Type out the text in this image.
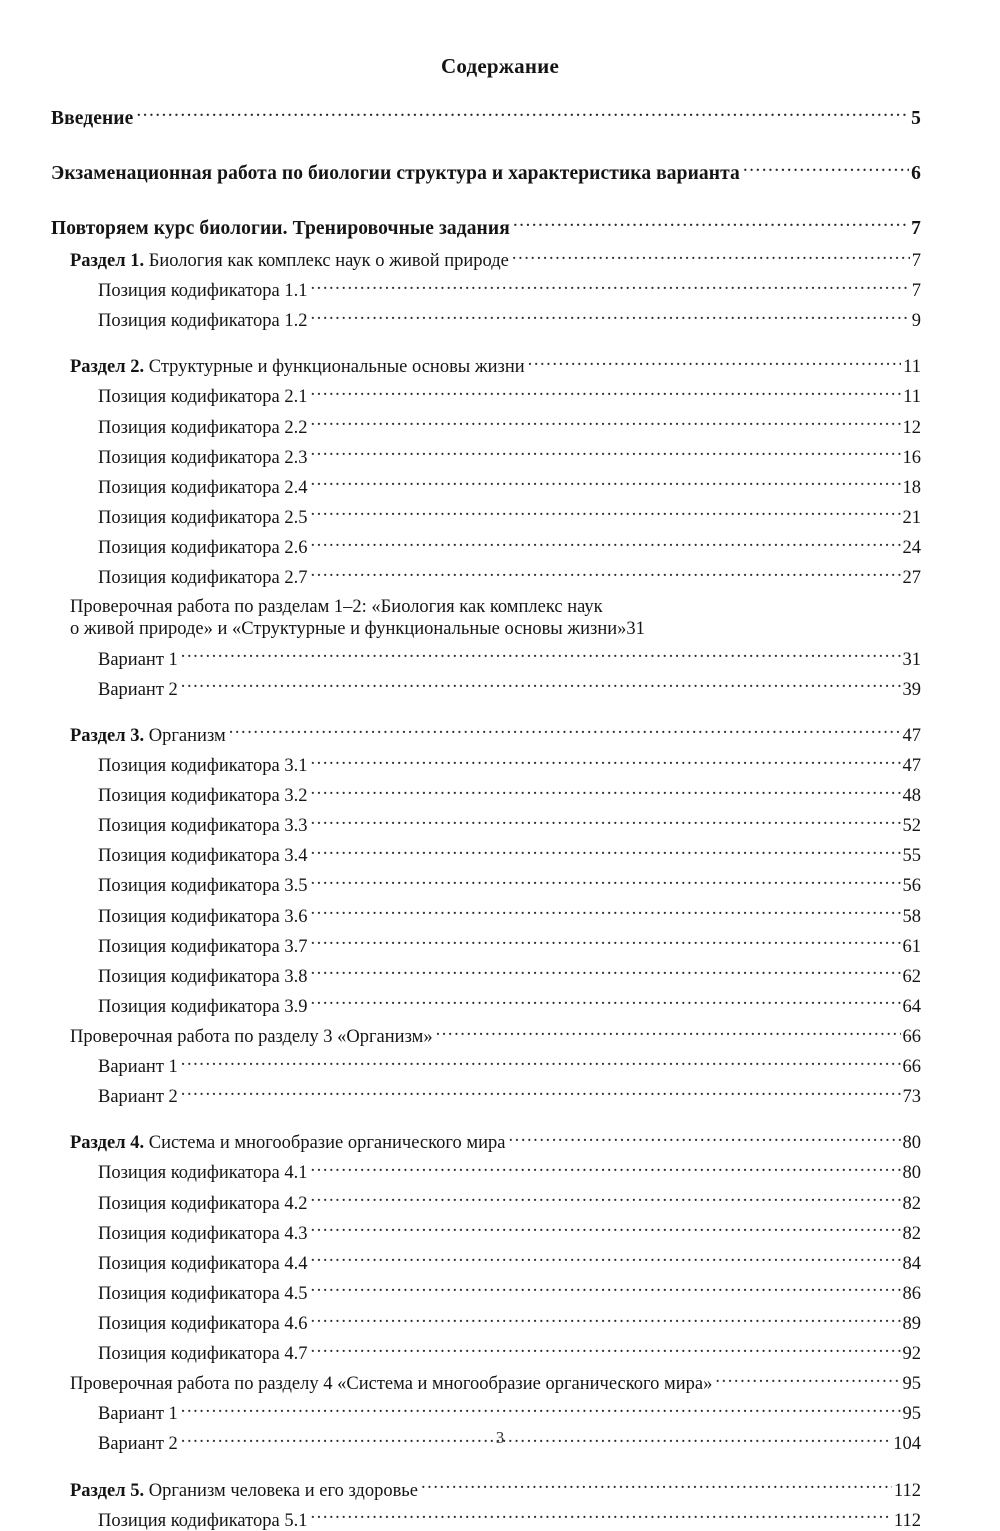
Содержание
Введение .....	5
Экзаменационная работа по биологии структура и характеристика варианта .....	6
Повторяем курс биологии. Тренировочные задания .....	7
Раздел 1. Биология как комплекс наук о живой природе .....	7
Позиция кодификатора 1.1 .....	7
Позиция кодификатора 1.2 .....	9
Раздел 2. Структурные и функциональные основы жизни .....	11
Позиция кодификатора 2.1 .....	11
Позиция кодификатора 2.2 .....	12
Позиция кодификатора 2.3 .....	16
Позиция кодификатора 2.4 .....	18
Позиция кодификатора 2.5 .....	21
Позиция кодификатора 2.6 .....	24
Позиция кодификатора 2.7 .....	27
Проверочная работа по разделам 1–2: «Биология как комплекс наук
о живой природе» и «Структурные и функциональные основы жизни» 31
Вариант 1 .....	31
Вариант 2 .....	39
Раздел 3. Организм .....	47
Позиция кодификатора 3.1 .....	47
Позиция кодификатора 3.2 .....	48
Позиция кодификатора 3.3 .....	52
Позиция кодификатора 3.4 .....	55
Позиция кодификатора 3.5 .....	56
Позиция кодификатора 3.6 .....	58
Позиция кодификатора 3.7 .....	61
Позиция кодификатора 3.8 .....	62
Позиция кодификатора 3.9 .....	64
Проверочная работа по разделу 3 «Организм» .....	66
Вариант 1 .....	66
Вариант 2 .....	73
Раздел 4. Система и многообразие органического мира .....	80
Позиция кодификатора 4.1 .....	80
Позиция кодификатора 4.2 .....	82
Позиция кодификатора 4.3 .....	82
Позиция кодификатора 4.4 .....	84
Позиция кодификатора 4.5 .....	86
Позиция кодификатора 4.6 .....	89
Позиция кодификатора 4.7 .....	92
Проверочная работа по разделу 4 «Система и многообразие органического мира» .....	95
Вариант 1 .....	95
Вариант 2 .....	104
Раздел 5. Организм человека и его здоровье .....	112
Позиция кодификатора 5.1 .....	112
3
